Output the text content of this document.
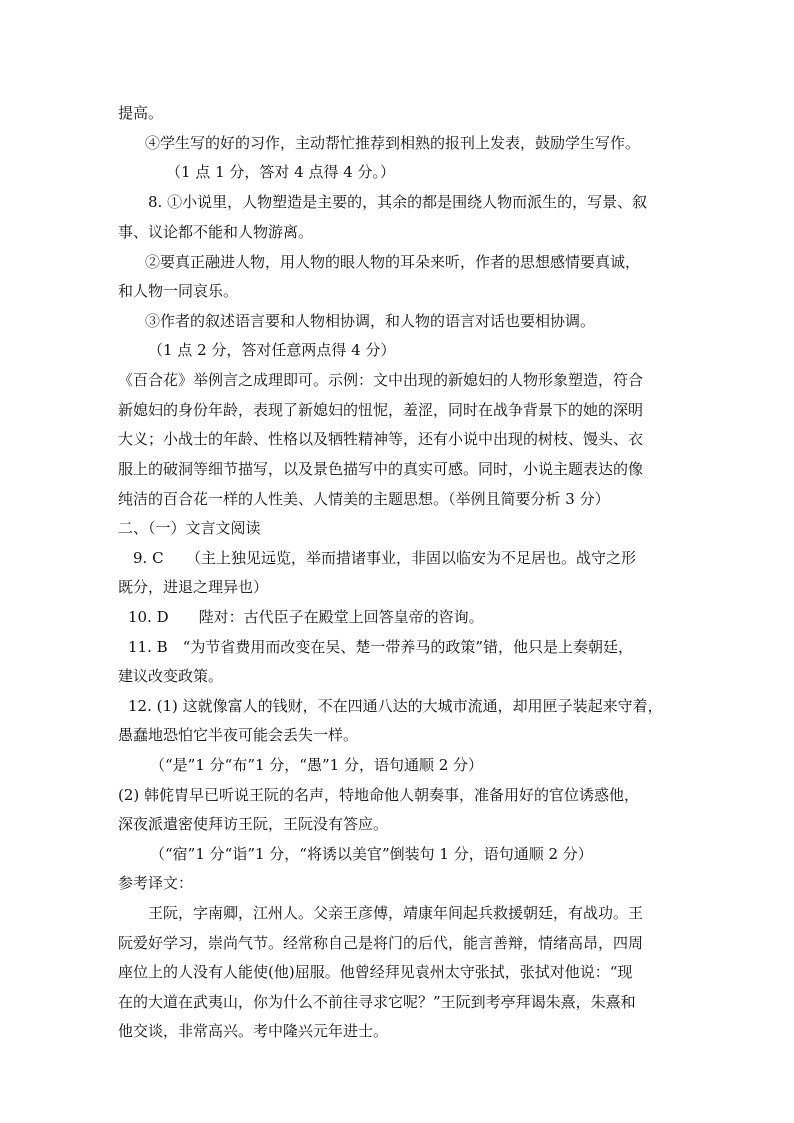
提高。
④学生写的好的习作，主动帮忙推荐到相熟的报刊上发表，鼓励学生写作。
（1 点 1 分，答对 4 点得 4 分。）
8. ①小说里，人物塑造是主要的，其余的都是围绕人物而派生的，写景、叙
事、议论都不能和人物游离。
②要真正融进人物，用人物的眼人物的耳朵来听，作者的思想感情要真诚，
和人物一同哀乐。
③作者的叙述语言要和人物相协调，和人物的语言对话也要相协调。
（1 点 2 分，答对任意两点得 4 分）
《百合花》举例言之成理即可。示例：文中出现的新媳妇的人物形象塑造，符合
新媳妇的身份年龄，表现了新媳妇的忸怩，羞涩，同时在战争背景下的她的深明
大义；小战士的年龄、性格以及牺牲精神等，还有小说中出现的树枝、馒头、衣
服上的破洞等细节描写，以及景色描写中的真实可感。同时，小说主题表达的像
纯洁的百合花一样的人性美、人情美的主题思想。（举例且简要分析 3 分）
二、（一）文言文阅读
9. C　　（主上独见远览，举而措诸事业，非固以临安为不足居也。战守之形
既分，进退之理异也）
10. D　　陛对：古代臣子在殿堂上回答皇帝的咨询。
11. B　“为节省费用而改变在吴、楚一带养马的政策”错，他只是上奏朝廷，
建议改变政策。
12. (1) 这就像富人的钱财，不在四通八达的大城市流通，却用匣子装起来守着，
愚蠢地恐怕它半夜可能会丢失一样。
（“是”1 分“布”1 分，“愚”1 分，语句通顺 2 分）
(2) 韩侂胄早已听说王阮的名声，特地命他人朝奏事，准备用好的官位诱惑他，
深夜派遣密使拜访王阮，王阮没有答应。
（“宿”1 分“诣”1 分，“将诱以美官”倒装句 1 分，语句通顺 2 分）
参考译文：
王阮，字南卿，江州人。父亲王彦傅，靖康年间起兵救援朝廷，有战功。王
阮爱好学习，崇尚气节。经常称自己是将门的后代，能言善辩，情绪高昂，四周
座位上的人没有人能使(他)屈服。他曾经拜见袁州太守张拭，张拭对他说：“现
在的大道在武夷山，你为什么不前往寻求它呢？”王阮到考亭拜谒朱熹，朱熹和
他交谈，非常高兴。考中隆兴元年进士。
